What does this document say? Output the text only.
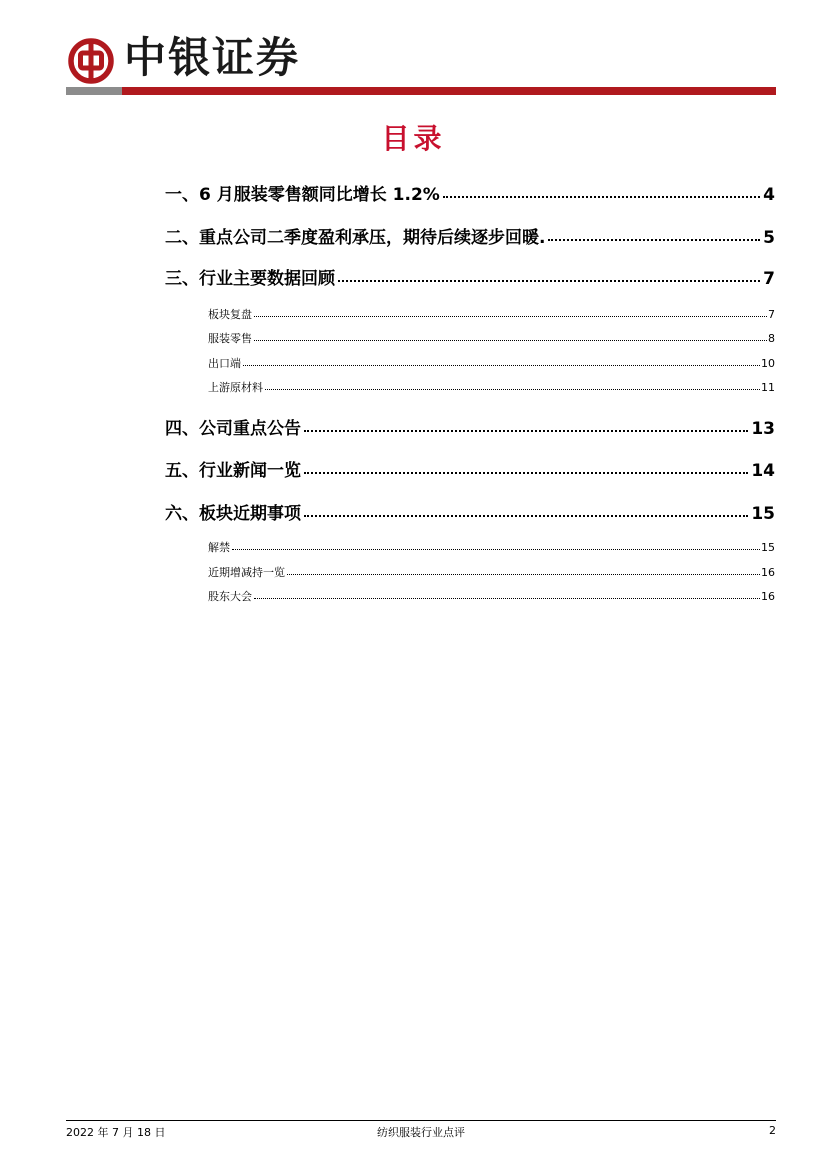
中银证券
目录
一、6 月服装零售额同比增长 1.2%	4
二、重点公司二季度盈利承压，期待后续逐步回暖.	5
三、行业主要数据回顾	7
板块复盘	7
服装零售	8
出口端	10
上游原材料	11
四、公司重点公告	13
五、行业新闻一览	14
六、板块近期事项	15
解禁	15
近期增减持一览	16
股东大会	16
2022 年 7 月 18 日	纺织服装行业点评	2
